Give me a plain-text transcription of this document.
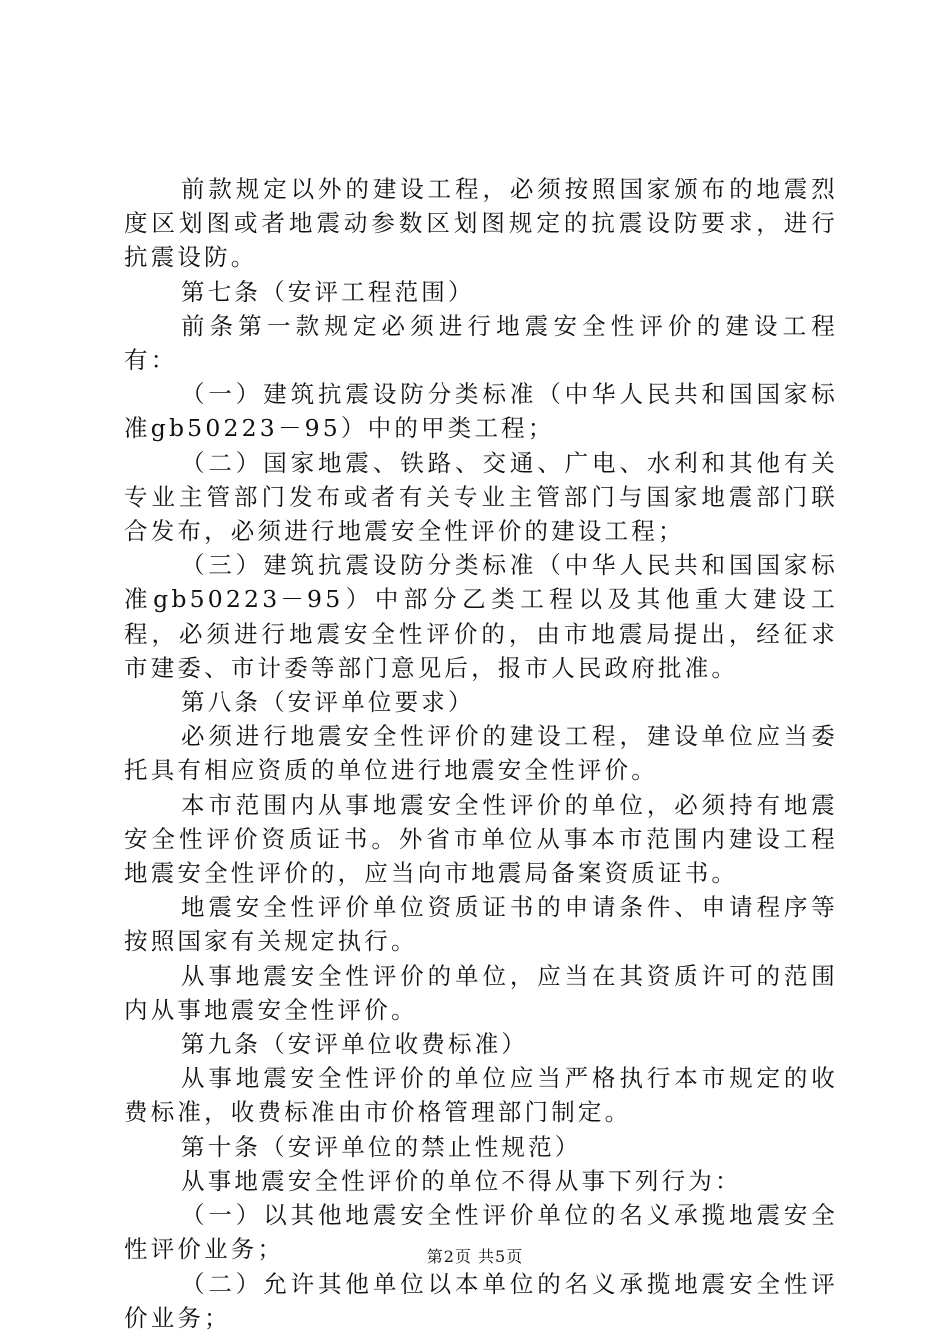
前款规定以外的建设工程，必须按照国家颁布的地震烈度区划图或者地震动参数区划图规定的抗震设防要求，进行抗震设防。

第七条（安评工程范围）

前条第一款规定必须进行地震安全性评价的建设工程有：

（一）建筑抗震设防分类标准（中华人民共和国国家标准gb50223－95）中的甲类工程；

（二）国家地震、铁路、交通、广电、水利和其他有关专业主管部门发布或者有关专业主管部门与国家地震部门联合发布，必须进行地震安全性评价的建设工程；

（三）建筑抗震设防分类标准（中华人民共和国国家标准gb50223－95）中部分乙类工程以及其他重大建设工程，必须进行地震安全性评价的，由市地震局提出，经征求市建委、市计委等部门意见后，报市人民政府批准。

第八条（安评单位要求）

必须进行地震安全性评价的建设工程，建设单位应当委托具有相应资质的单位进行地震安全性评价。

本市范围内从事地震安全性评价的单位，必须持有地震安全性评价资质证书。外省市单位从事本市范围内建设工程地震安全性评价的，应当向市地震局备案资质证书。

地震安全性评价单位资质证书的申请条件、申请程序等按照国家有关规定执行。

从事地震安全性评价的单位，应当在其资质许可的范围内从事地震安全性评价。

第九条（安评单位收费标准）

从事地震安全性评价的单位应当严格执行本市规定的收费标准，收费标准由市价格管理部门制定。

第十条（安评单位的禁止性规范）

从事地震安全性评价的单位不得从事下列行为：

（一）以其他地震安全性评价单位的名义承揽地震安全性评价业务；

（二）允许其他单位以本单位的名义承揽地震安全性评价业务；

第2页 共5页
